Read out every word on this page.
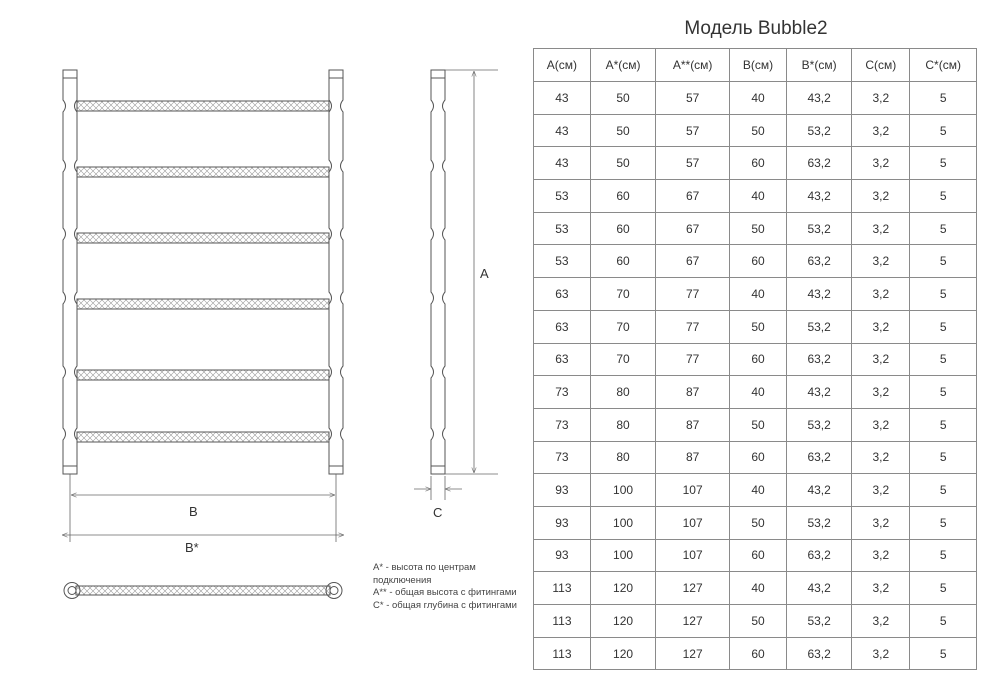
A
B
B*
C

A* - высота по центрам подключения

A** - общая высота с фитингами

C* - общая глубина с фитингами

Модель Bubble2
A(см)	A*(см)	A**(см)	B(см)	B*(см)	C(см)	C*(см)
43	50	57	40	43,2	3,2	5
43	50	57	50	53,2	3,2	5
43	50	57	60	63,2	3,2	5
53	60	67	40	43,2	3,2	5
53	60	67	50	53,2	3,2	5
53	60	67	60	63,2	3,2	5
63	70	77	40	43,2	3,2	5
63	70	77	50	53,2	3,2	5
63	70	77	60	63,2	3,2	5
73	80	87	40	43,2	3,2	5
73	80	87	50	53,2	3,2	5
73	80	87	60	63,2	3,2	5
93	100	107	40	43,2	3,2	5
93	100	107	50	53,2	3,2	5
93	100	107	60	63,2	3,2	5
113	120	127	40	43,2	3,2	5
113	120	127	50	53,2	3,2	5
113	120	127	60	63,2	3,2	5
